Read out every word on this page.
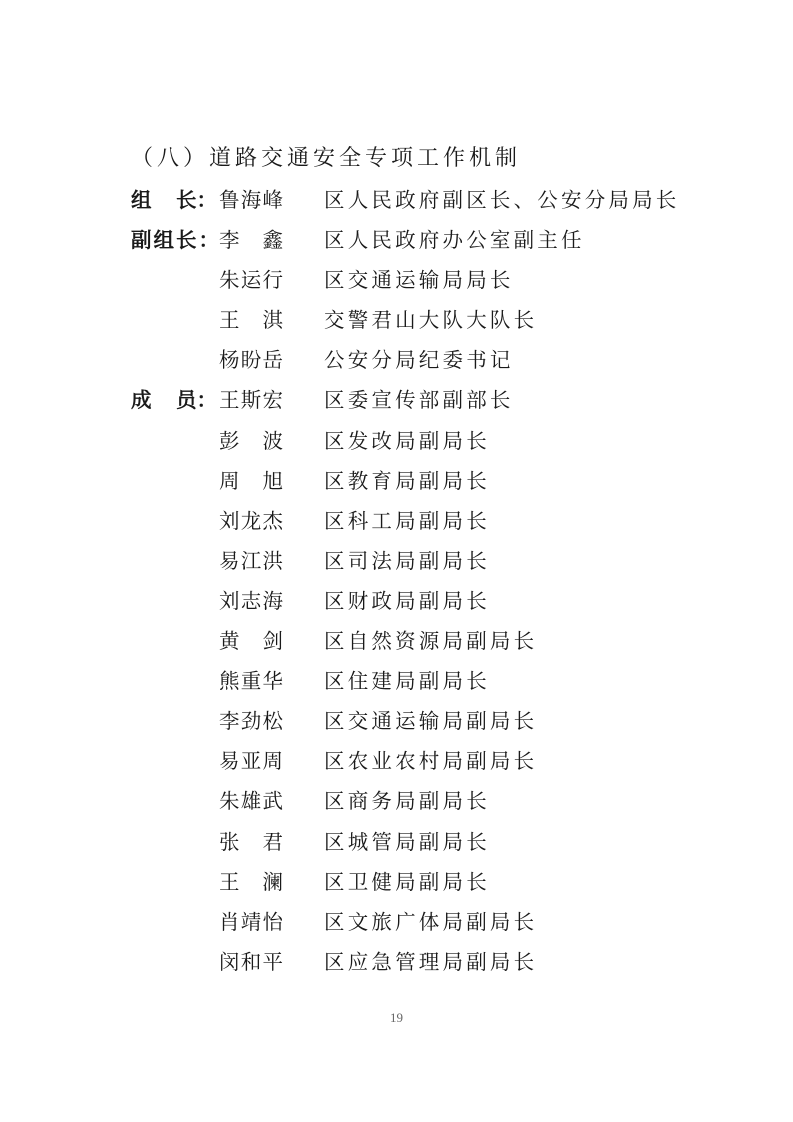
（八）道路交通安全专项工作机制
组 长： 鲁 海 峰 区人民政府副区长、公安分局局长
副组长：
李 鑫 区人民政府办公室副主任
朱 运 行 区交通运输局局长
王 淇 交警君山大队大队长
杨 盼 岳 公安分局纪委书记
成 员： 王 斯 宏 区委宣传部副部长
彭 波 区发改局副局长
周 旭 区教育局副局长
刘 龙 杰 区科工局副局长
易 江 洪 区司法局副局长
刘 志 海 区财政局副局长
黄 剑 区自然资源局副局长
熊 重 华 区住建局副局长
李 劲 松 区交通运输局副局长
易 亚 周 区农业农村局副局长
朱 雄 武 区商务局副局长
张 君 区城管局副局长
王 澜 区卫健局副局长
肖 靖 怡 区文旅广体局副局长
闵 和 平 区应急管理局副局长
19
